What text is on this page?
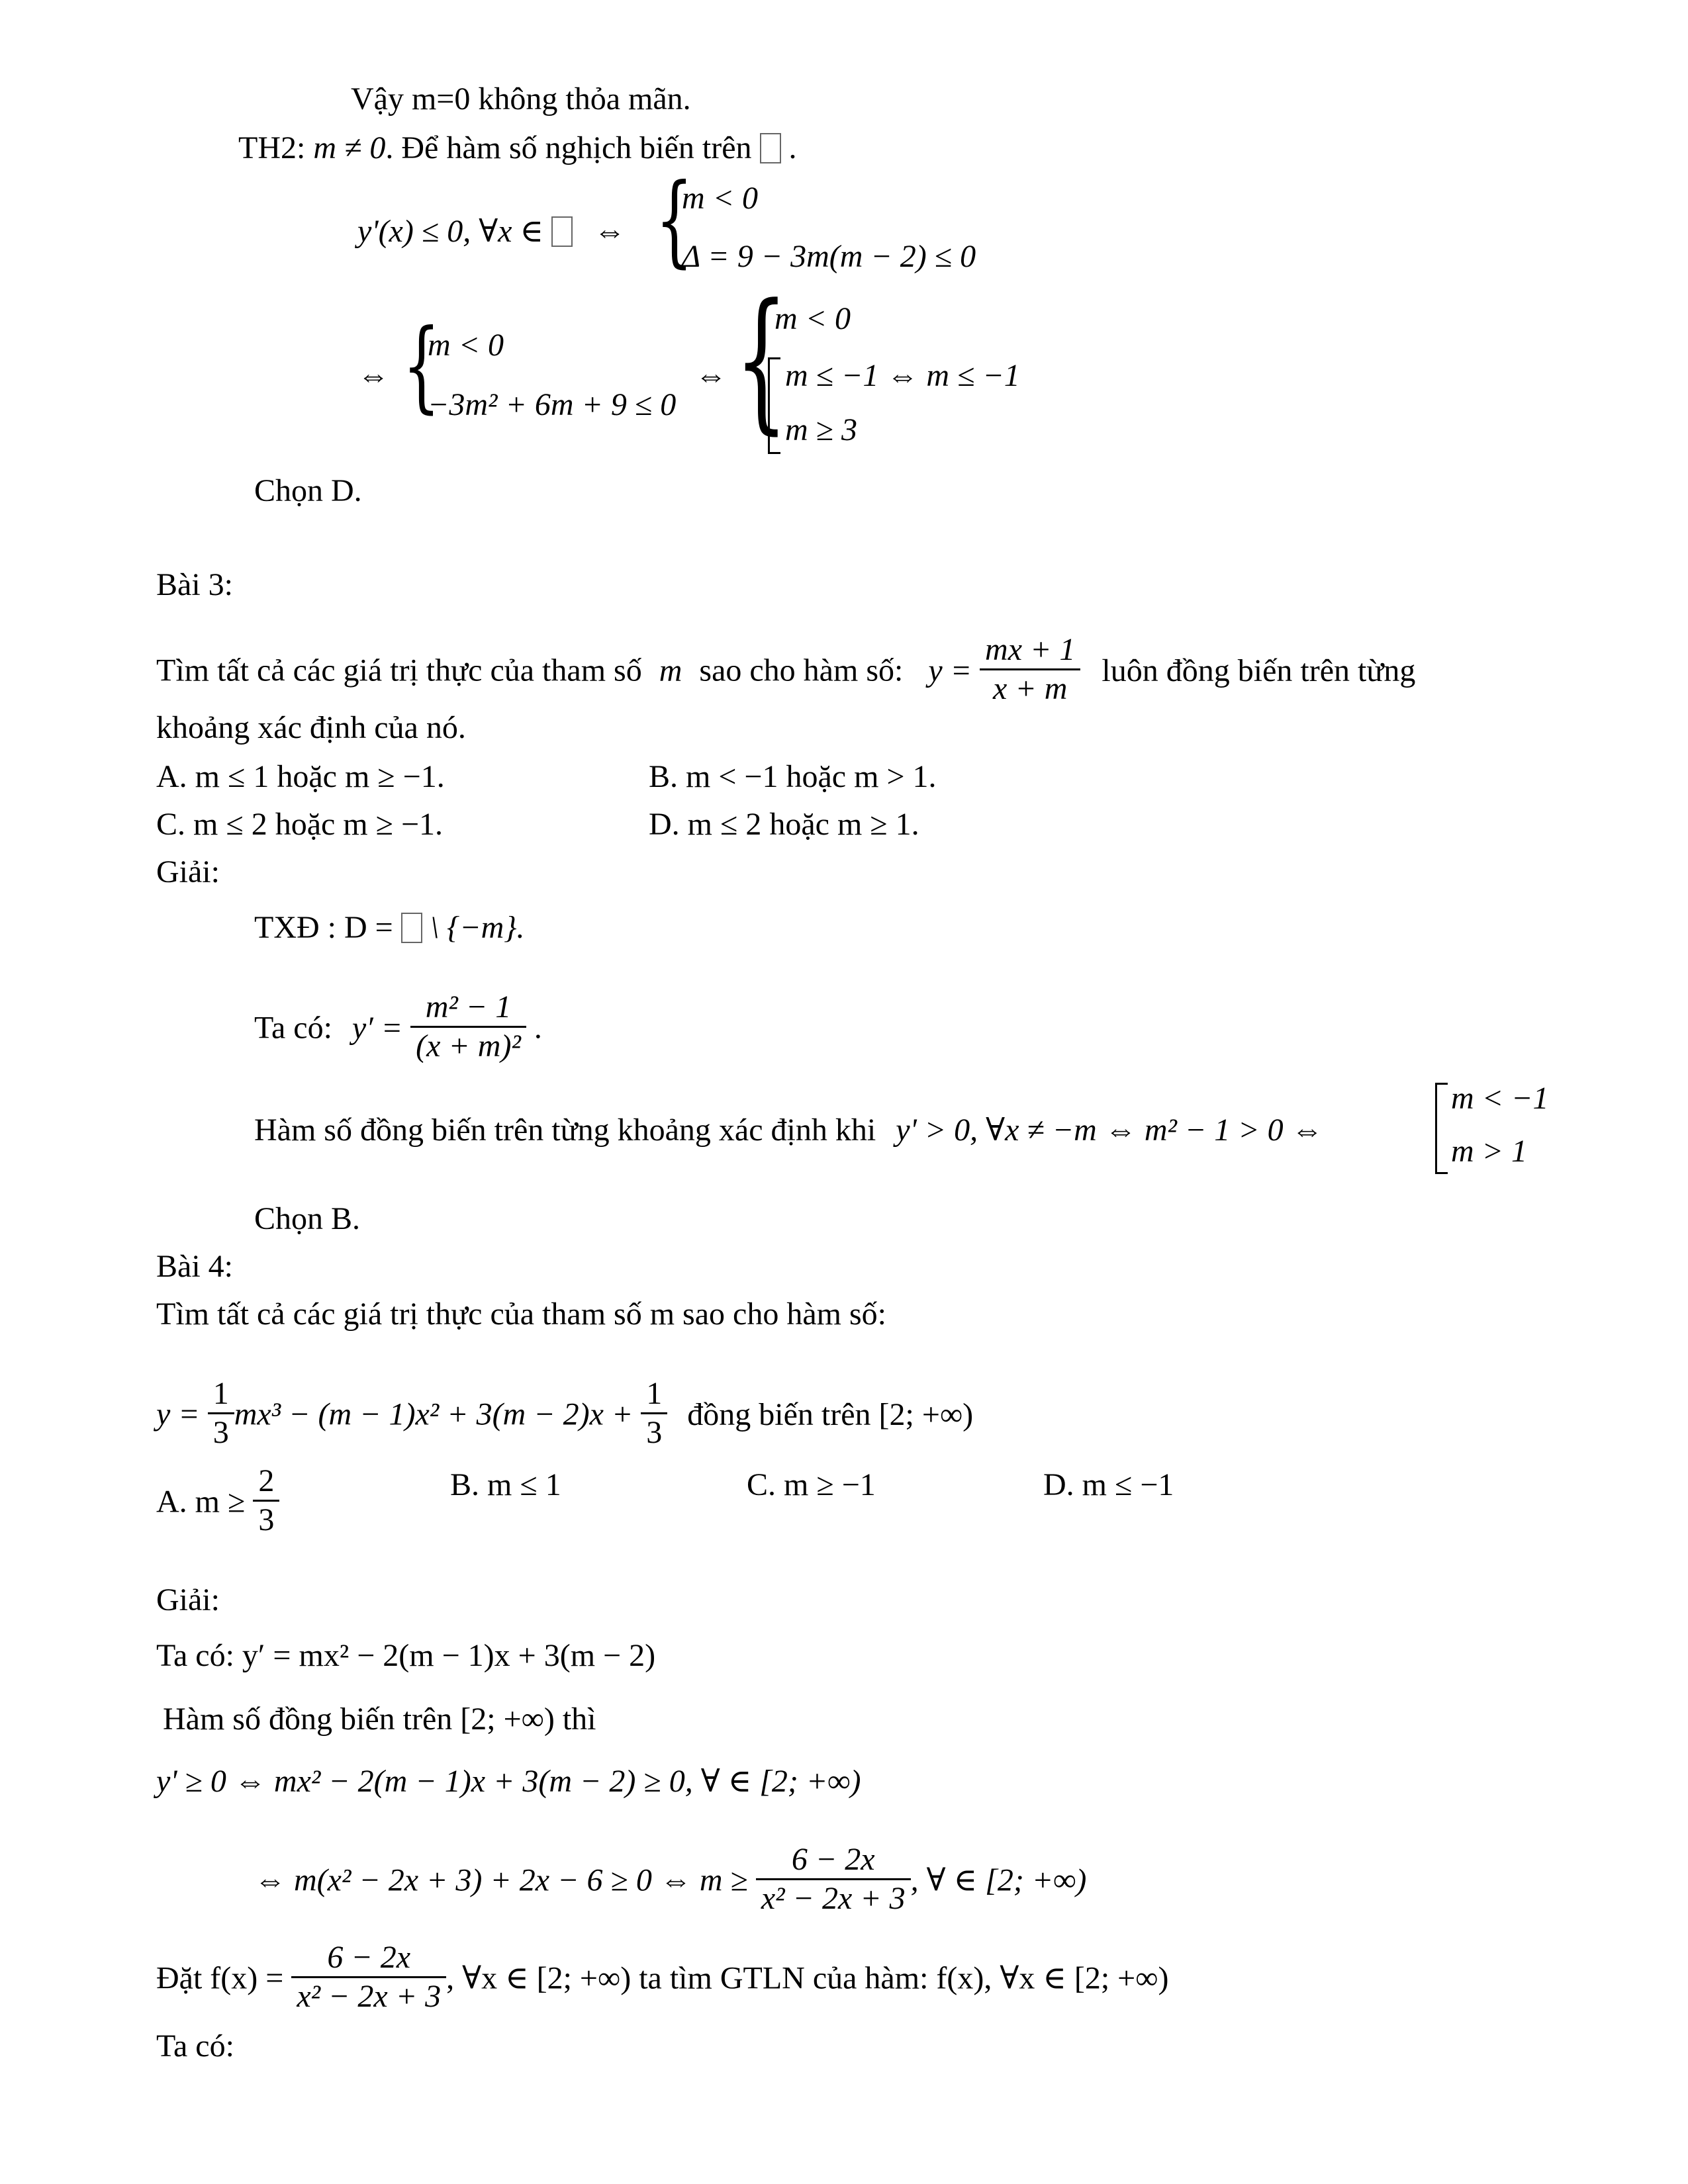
Vậy m=0 không thỏa mãn.
TH2: m ≠ 0. Để hàm số nghịch biến trên  .
y'(x) ≤ 0, ∀x ∈ ⇔ {
m < 0
Δ = 9 − 3m(m − 2) ≤ 0
⇔ {
m < 0
−3m² + 6m + 9 ≤ 0
⇔ {
m < 0
m ≤ −1 ⇔ m ≤ −1
m ≥ 3
Chọn D.
Bài 3:
Tìm tất cả các giá trị thực của tham số m sao cho hàm số: $y = \frac{mx + 1}{x + m}$ luôn đồng biến trên từng
khoảng xác định của nó.
A. m ≤ 1 hoặc m ≥ −1.	B. m < −1 hoặc m > 1.
C. m ≤ 2 hoặc m ≥ −1.	D. m ≤ 2 hoặc m ≥ 1.
Giải:
TXĐ : D = \ {−m}.
Ta có: $y' = \frac{\text{m² − 1}}{\text{(x + m)²}}$ .
Hàm số đồng biến trên từng khoảng xác định khi y' > 0, ∀x ≠ −m ⇔ m² − 1 > 0 ⇔
m < −1
m > 1
Chọn B.
Bài 4:
Tìm tất cả các giá trị thực của tham số m sao cho hàm số:
$y = \frac{1}{3} mx^3 - (m - 1)x^2 + 3(m - 2)x + \frac{1}{3}$ đồng biến trên [2; +∞)
A. $m \ge \frac{2}{3}$	B. m ≤ 1	C. m ≥ −1	D. m ≤ −1
Giải:
Ta có: y′ = mx² − 2(m − 1)x + 3(m − 2)
Hàm số đồng biến trên [2; +∞) thì
y' ≥ 0 ⇔ mx² − 2(m − 1)x + 3(m − 2) ≥ 0, ∀ ∈ [2; +∞)
⇔ m(x² − 2x + 3) + 2x − 6 ≥ 0 ⇔ $m \ge \frac{6 - 2x}{\text{x² − 2x + 3}}$ , ∀ ∈ [2; +∞)
Đặt $f(x) = \frac{6 - 2x}{\text{x² − 2x + 3}}$ , ∀x ∈ [2; +∞) ta tìm GTLN của hàm: f(x), ∀x ∈ [2; +∞)
Ta có:
